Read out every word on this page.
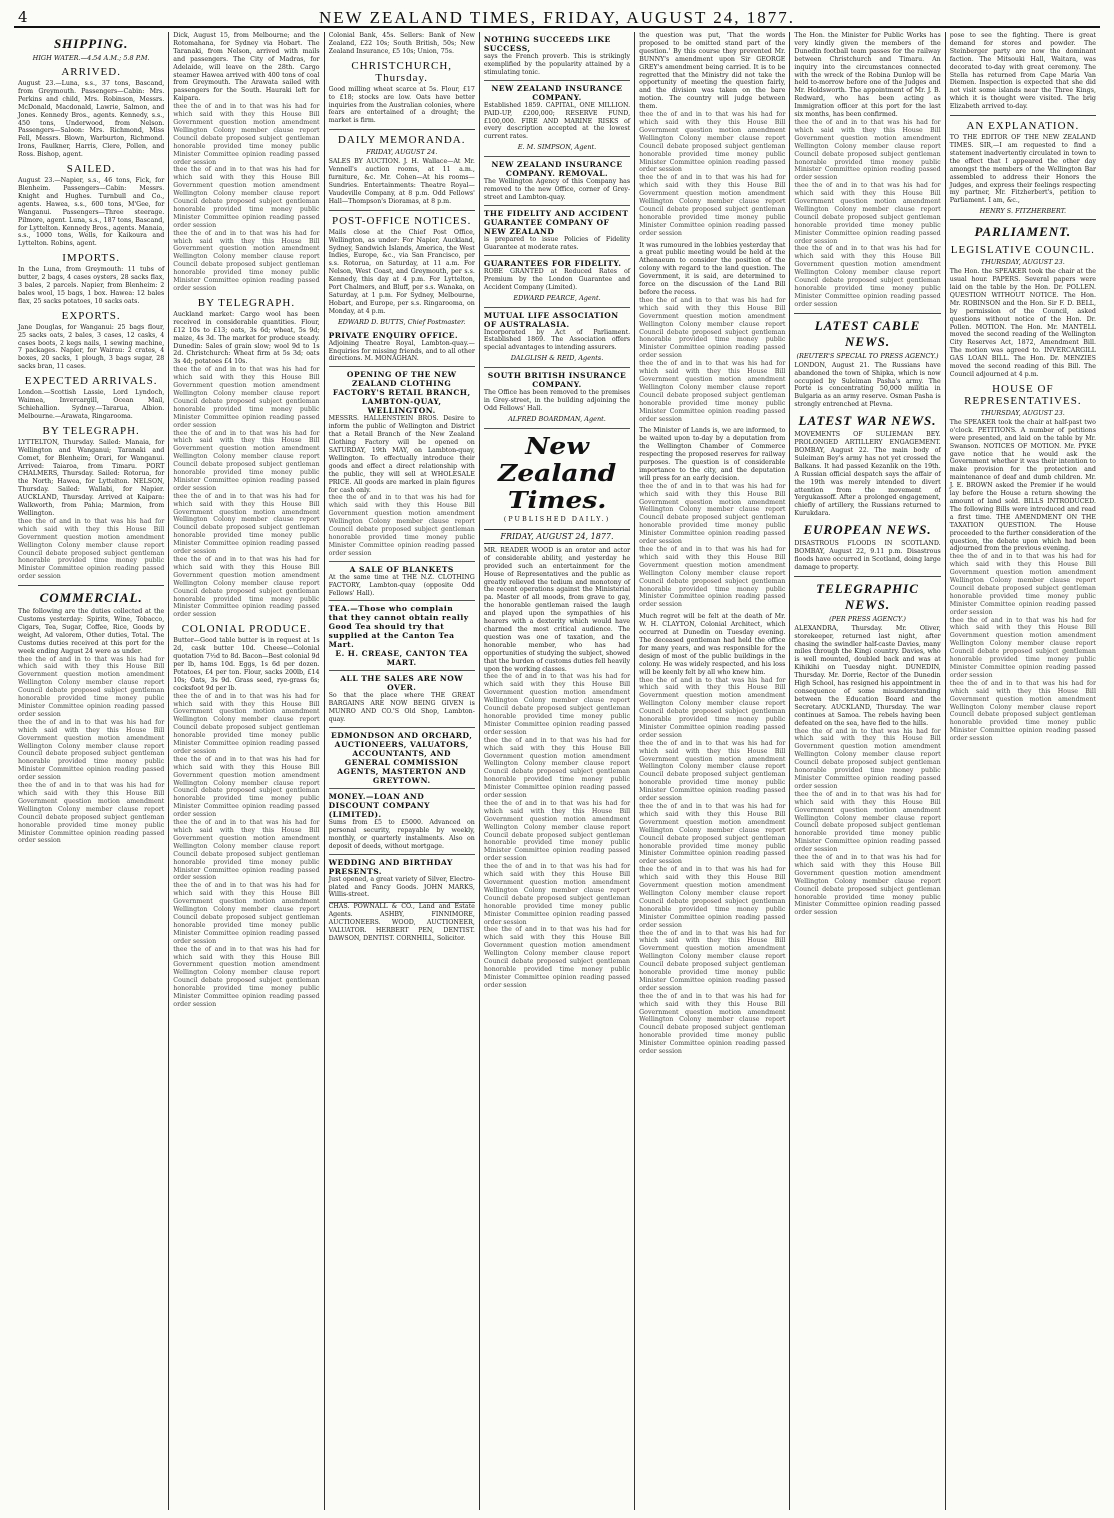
4	NEW ZEALAND TIMES, FRIDAY, AUGUST 24, 1877.
SHIPPING.
HIGH WATER.—4.54 A.M.; 5.8 P.M.
ARRIVED.
August 23.—Luna, s.s., 37 tons, Bascand, from Greymouth. Passengers—Cabin: Mrs. Perkins and child, Mrs. Robinson, Messrs. McDonald, Macdonald, Lawrie, Salmon, and Jones. Kennedy Bros., agents. Kennedy, s.s., 450 tons, Underwood, from Nelson. Passengers—Saloon: Mrs. Richmond, Miss Fell, Messrs. Blown, Warburton, Richmond. Irons, Faulkner, Harris, Clere, Pollen, and Ross. Bishop, agent.
SAILED.
August 23.—Napier, s.s., 46 tons, Fick, for Blenheim. Passengers—Cabin: Messrs. Knight and Hughes. Turnbull and Co., agents. Hawea, s.s., 600 tons, M'Gee, for Wanganui. Passengers—Three steerage. Pilmore, agent. Luna, s.s., 187 tons, Bascand, for Lyttelton. Kennedy Bros., agents. Manaia, s.s., 1000 tons, Wells, for Kaikoura and Lyttelton. Robins, agent.
IMPORTS.
In the Luna, from Greymouth: 11 tubs of butter, 2 bags, 4 cases oysters, 28 sacks flax, 3 bales, 2 parcels. Napier, from Blenheim: 2 bales wool, 15 bags, 1 box. Hawea: 12 bales flax, 25 sacks potatoes, 10 sacks oats.
EXPORTS.
Jane Douglas, for Wanganui: 25 bags flour, 25 sacks oats, 2 bales, 3 cases, 12 casks, 4 cases boots, 2 kegs nails, 1 sewing machine, 7 packages. Napier, for Wairau: 2 crates, 4 boxes, 20 sacks, 1 plough, 3 bags sugar, 28 sacks bran, 11 cases.
EXPECTED ARRIVALS.
London.—Scottish Lassie, Lord Lyndoch, Waimea, Invercargill, Ocean Mail, Schiehallion. Sydney.—Tararua, Albion. Melbourne.—Arawata, Ringarooma.
BY TELEGRAPH.
LYTTELTON, Thursday. Sailed: Manaia, for Wellington and Wanganui; Taranaki and Comet, for Blenheim; Orari, for Wanganui. Arrived: Taiaroa, from Timaru. PORT CHALMERS, Thursday. Sailed: Rotorua, for the North; Hawea, for Lyttelton. NELSON, Thursday. Sailed: Wallabi, for Napier. AUCKLAND, Thursday. Arrived at Kaipara: Walkworth, from Pahia; Marmion, from Wellington.
thee the of and in to that was his had for which said with they this House Bill Government question motion amendment Wellington Colony member clause report Council debate proposed subject gentleman honorable provided time money public Minister Committee opinion reading passed order session
COMMERCIAL.
The following are the duties collected at the Customs yesterday: Spirits, Wine, Tobacco, Cigars, Tea, Sugar, Coffee, Rice, Goods by weight, Ad valorem, Other duties, Total. The Customs duties received at this port for the week ending August 24 were as under.
thee the of and in to that was his had for which said with they this House Bill Government question motion amendment Wellington Colony member clause report Council debate proposed subject gentleman honorable provided time money public Minister Committee opinion reading passed order session
thee the of and in to that was his had for which said with they this House Bill Government question motion amendment Wellington Colony member clause report Council debate proposed subject gentleman honorable provided time money public Minister Committee opinion reading passed order session
thee the of and in to that was his had for which said with they this House Bill Government question motion amendment Wellington Colony member clause report Council debate proposed subject gentleman honorable provided time money public Minister Committee opinion reading passed order session
Dick, August 15, from Melbourne; and the Rotomahana, for Sydney via Hobart. The Taranaki, from Nelson, arrived with mails and passengers. The City of Madras, for Adelaide, will leave on the 28th. Cargo steamer Hawea arrived with 400 tons of coal from Greymouth. The Arawata sailed with passengers for the South. Hauraki left for Kaipara.
thee the of and in to that was his had for which said with they this House Bill Government question motion amendment Wellington Colony member clause report Council debate proposed subject gentleman honorable provided time money public Minister Committee opinion reading passed order session
thee the of and in to that was his had for which said with they this House Bill Government question motion amendment Wellington Colony member clause report Council debate proposed subject gentleman honorable provided time money public Minister Committee opinion reading passed order session
thee the of and in to that was his had for which said with they this House Bill Government question motion amendment Wellington Colony member clause report Council debate proposed subject gentleman honorable provided time money public Minister Committee opinion reading passed order session
BY TELEGRAPH.
Auckland market: Cargo wool has been received in considerable quantities. Flour, £12 10s to £13; oats, 3s 6d; wheat, 5s 9d; maize, 4s 3d. The market for produce steady. Dunedin: Sales of grain slow; wool 9d to 1s 2d. Christchurch: Wheat firm at 5s 3d; oats 3s 4d; potatoes £4 10s.
thee the of and in to that was his had for which said with they this House Bill Government question motion amendment Wellington Colony member clause report Council debate proposed subject gentleman honorable provided time money public Minister Committee opinion reading passed order session
thee the of and in to that was his had for which said with they this House Bill Government question motion amendment Wellington Colony member clause report Council debate proposed subject gentleman honorable provided time money public Minister Committee opinion reading passed order session
thee the of and in to that was his had for which said with they this House Bill Government question motion amendment Wellington Colony member clause report Council debate proposed subject gentleman honorable provided time money public Minister Committee opinion reading passed order session
thee the of and in to that was his had for which said with they this House Bill Government question motion amendment Wellington Colony member clause report Council debate proposed subject gentleman honorable provided time money public Minister Committee opinion reading passed order session
COLONIAL PRODUCE.
Butter—Good table butter is in request at 1s 2d, cask butter 10d. Cheese—Colonial quotation 7½d to 8d. Bacon—Best colonial 9d per lb, hams 10d. Eggs, 1s 6d per dozen. Potatoes, £4 per ton. Flour, sacks 200lb, £14 10s; Oats, 3s 9d. Grass seed, rye-grass 6s; cocksfoot 9d per lb.
thee the of and in to that was his had for which said with they this House Bill Government question motion amendment Wellington Colony member clause report Council debate proposed subject gentleman honorable provided time money public Minister Committee opinion reading passed order session
thee the of and in to that was his had for which said with they this House Bill Government question motion amendment Wellington Colony member clause report Council debate proposed subject gentleman honorable provided time money public Minister Committee opinion reading passed order session
thee the of and in to that was his had for which said with they this House Bill Government question motion amendment Wellington Colony member clause report Council debate proposed subject gentleman honorable provided time money public Minister Committee opinion reading passed order session
thee the of and in to that was his had for which said with they this House Bill Government question motion amendment Wellington Colony member clause report Council debate proposed subject gentleman honorable provided time money public Minister Committee opinion reading passed order session
thee the of and in to that was his had for which said with they this House Bill Government question motion amendment Wellington Colony member clause report Council debate proposed subject gentleman honorable provided time money public Minister Committee opinion reading passed order session
Colonial Bank, 45s. Sellers: Bank of New Zealand, £22 10s; South British, 50s; New Zealand Insurance, £5 10s; Union, 75s.
CHRISTCHURCH, Thursday.
Good milling wheat scarce at 5s. Flour, £17 to £18; stocks are low. Oats have better inquiries from the Australian colonies, where fears are entertained of a drought; the market is firm.
DAILY MEMORANDA.
FRIDAY, AUGUST 24.
SALES BY AUCTION. J. H. Wallace—At Mr. Vennell's auction rooms, at 11 a.m., furniture, &c. Mr. Cohen—At his rooms—Sundries. Entertainments: Theatre Royal—Vaudeville Company, at 8 p.m. Odd Fellows' Hall—Thompson's Dioramas, at 8 p.m.
POST-OFFICE NOTICES.
Mails close at the Chief Post Office, Wellington, as under: For Napier, Auckland, Sydney, Sandwich Islands, America, the West Indies, Europe, &c., via San Francisco, per s.s. Rotorua, on Saturday, at 11 a.m. For Nelson, West Coast, and Greymouth, per s.s. Kennedy, this day at 4 p.m. For Lyttelton, Port Chalmers, and Bluff, per s.s. Wanaka, on Saturday, at 1 p.m. For Sydney, Melbourne, Hobart, and Europe, per s.s. Ringarooma, on Monday, at 4 p.m.
EDWARD D. BUTTS, Chief Postmaster.
PRIVATE ENQUIRY OFFICE.
Adjoining Theatre Royal, Lambton-quay.—Enquiries for missing friends, and to all other directions. M. MONAGHAN.
OPENING OF THE NEW ZEALAND CLOTHING FACTORY'S RETAIL BRANCH, LAMBTON-QUAY, WELLINGTON.
MESSRS. HALLENSTEIN BROS. Desire to inform the public of Wellington and District that a Retail Branch of the New Zealand Clothing Factory will be opened on SATURDAY, 19th MAY, on Lambton-quay, Wellington. To effectually introduce their goods and effect a direct relationship with the public, they will sell at WHOLESALE PRICE. All goods are marked in plain figures for cash only.
thee the of and in to that was his had for which said with they this House Bill Government question motion amendment Wellington Colony member clause report Council debate proposed subject gentleman honorable provided time money public Minister Committee opinion reading passed order session
A SALE OF BLANKETS
At the same time at THE N.Z. CLOTHING FACTORY, Lambton-quay (opposite Odd Fellows' Hall).
TEA.—Those who complain that they cannot obtain really Good Tea should try that supplied at the Canton Tea Mart.
E. H. CREASE, CANTON TEA MART.
ALL THE SALES ARE NOW OVER.
So that the place where THE GREAT BARGAINS ARE NOW BEING GIVEN is MUNRO AND CO.'S Old Shop, Lambton-quay.
EDMONDSON AND ORCHARD, AUCTIONEERS, VALUATORS, ACCOUNTANTS, AND GENERAL COMMISSION AGENTS, MASTERTON AND GREYTOWN.
MONEY.—LOAN AND DISCOUNT COMPANY (LIMITED).
Sums from £5 to £5000. Advanced on personal security, repayable by weekly, monthly, or quarterly instalments. Also on deposit of deeds, without mortgage.
WEDDING AND BIRTHDAY PRESENTS.
Just opened, a great variety of Silver, Electro-plated and Fancy Goods. JOHN MARKS, Willis-street.
CHAS. POWNALL & CO., Land and Estate Agents. ASHBY, FINNIMORE, AUCTIONEERS. WOOD, AUCTIONEER, VALUATOR. HERBERT PEN, DENTIST. DAWSON, DENTIST. CORNHILL, Solicitor.
NOTHING SUCCEEDS LIKE SUCCESS,
says the French proverb. This is strikingly exemplified by the popularity attained by a stimulating tonic.
NEW ZEALAND INSURANCE COMPANY.
Established 1859. CAPITAL, ONE MILLION. PAID-UP, £200,000; RESERVE FUND, £100,000. FIRE AND MARINE RISKS of every description accepted at the lowest current rates.
E. M. SIMPSON, Agent.
NEW ZEALAND INSURANCE COMPANY. REMOVAL.
The Wellington Agency of this Company has removed to the new Office, corner of Grey-street and Lambton-quay.
THE FIDELITY AND ACCIDENT GUARANTEE COMPANY OF NEW ZEALAND
is prepared to issue Policies of Fidelity Guarantee at moderate rates.
GUARANTEES FOR FIDELITY.
ROBE GRANTED at Reduced Rates of Premium by the London Guarantee and Accident Company (Limited).
EDWARD PEARCE, Agent.
MUTUAL LIFE ASSOCIATION OF AUSTRALASIA.
Incorporated by Act of Parliament. Established 1869. The Association offers special advantages to intending assurers.
DALGLISH & REID, Agents.
SOUTH BRITISH INSURANCE COMPANY.
The Office has been removed to the premises in Grey-street, in the building adjoining the Odd Fellows' Hall.
ALFRED BOARDMAN, Agent.
New Zealand Times.
(PUBLISHED DAILY.)
FRIDAY, AUGUST 24, 1877.
MR. READER WOOD is an orator and actor of considerable ability, and yesterday he provided such an entertainment for the House of Representatives and the public as greatly relieved the tedium and monotony of the recent operations against the Ministerial pa. Master of all moods, from grave to gay, the honorable gentleman raised the laugh and played upon the sympathies of his hearers with a dexterity which would have charmed the most critical audience. The question was one of taxation, and the honorable member, who has had opportunities of studying the subject, showed that the burden of customs duties fell heavily upon the working classes.
thee the of and in to that was his had for which said with they this House Bill Government question motion amendment Wellington Colony member clause report Council debate proposed subject gentleman honorable provided time money public Minister Committee opinion reading passed order session
thee the of and in to that was his had for which said with they this House Bill Government question motion amendment Wellington Colony member clause report Council debate proposed subject gentleman honorable provided time money public Minister Committee opinion reading passed order session
thee the of and in to that was his had for which said with they this House Bill Government question motion amendment Wellington Colony member clause report Council debate proposed subject gentleman honorable provided time money public Minister Committee opinion reading passed order session
thee the of and in to that was his had for which said with they this House Bill Government question motion amendment Wellington Colony member clause report Council debate proposed subject gentleman honorable provided time money public Minister Committee opinion reading passed order session
thee the of and in to that was his had for which said with they this House Bill Government question motion amendment Wellington Colony member clause report Council debate proposed subject gentleman honorable provided time money public Minister Committee opinion reading passed order session
the question was put, 'That the words proposed to be omitted stand part of the question.' By this course they prevented Mr. BUNNY's amendment upon Sir GEORGE GREY's amendment being carried. It is to be regretted that the Ministry did not take the opportunity of meeting the question fairly, and the division was taken on the bare motion. The country will judge between them.
thee the of and in to that was his had for which said with they this House Bill Government question motion amendment Wellington Colony member clause report Council debate proposed subject gentleman honorable provided time money public Minister Committee opinion reading passed order session
thee the of and in to that was his had for which said with they this House Bill Government question motion amendment Wellington Colony member clause report Council debate proposed subject gentleman honorable provided time money public Minister Committee opinion reading passed order session
It was rumoured in the lobbies yesterday that a great public meeting would be held at the Athenaeum to consider the position of the colony with regard to the land question. The Government, it is said, are determined to force on the discussion of the Land Bill before the recess.
thee the of and in to that was his had for which said with they this House Bill Government question motion amendment Wellington Colony member clause report Council debate proposed subject gentleman honorable provided time money public Minister Committee opinion reading passed order session
thee the of and in to that was his had for which said with they this House Bill Government question motion amendment Wellington Colony member clause report Council debate proposed subject gentleman honorable provided time money public Minister Committee opinion reading passed order session
The Minister of Lands is, we are informed, to be waited upon to-day by a deputation from the Wellington Chamber of Commerce respecting the proposed reserves for railway purposes. The question is of considerable importance to the city, and the deputation will press for an early decision.
thee the of and in to that was his had for which said with they this House Bill Government question motion amendment Wellington Colony member clause report Council debate proposed subject gentleman honorable provided time money public Minister Committee opinion reading passed order session
thee the of and in to that was his had for which said with they this House Bill Government question motion amendment Wellington Colony member clause report Council debate proposed subject gentleman honorable provided time money public Minister Committee opinion reading passed order session
Much regret will be felt at the death of Mr. W. H. CLAYTON, Colonial Architect, which occurred at Dunedin on Tuesday evening. The deceased gentleman had held the office for many years, and was responsible for the design of most of the public buildings in the colony. He was widely respected, and his loss will be keenly felt by all who knew him.
thee the of and in to that was his had for which said with they this House Bill Government question motion amendment Wellington Colony member clause report Council debate proposed subject gentleman honorable provided time money public Minister Committee opinion reading passed order session
thee the of and in to that was his had for which said with they this House Bill Government question motion amendment Wellington Colony member clause report Council debate proposed subject gentleman honorable provided time money public Minister Committee opinion reading passed order session
thee the of and in to that was his had for which said with they this House Bill Government question motion amendment Wellington Colony member clause report Council debate proposed subject gentleman honorable provided time money public Minister Committee opinion reading passed order session
thee the of and in to that was his had for which said with they this House Bill Government question motion amendment Wellington Colony member clause report Council debate proposed subject gentleman honorable provided time money public Minister Committee opinion reading passed order session
thee the of and in to that was his had for which said with they this House Bill Government question motion amendment Wellington Colony member clause report Council debate proposed subject gentleman honorable provided time money public Minister Committee opinion reading passed order session
thee the of and in to that was his had for which said with they this House Bill Government question motion amendment Wellington Colony member clause report Council debate proposed subject gentleman honorable provided time money public Minister Committee opinion reading passed order session
The Hon. the Minister for Public Works has very kindly given the members of the Dunedin football team passes for the railway between Christchurch and Timaru. An inquiry into the circumstances connected with the wreck of the Robina Dunlop will be held to-morrow before one of the Judges and Mr. Holdsworth. The appointment of Mr. J. B. Redward, who has been acting as Immigration officer at this port for the last six months, has been confirmed.
thee the of and in to that was his had for which said with they this House Bill Government question motion amendment Wellington Colony member clause report Council debate proposed subject gentleman honorable provided time money public Minister Committee opinion reading passed order session
thee the of and in to that was his had for which said with they this House Bill Government question motion amendment Wellington Colony member clause report Council debate proposed subject gentleman honorable provided time money public Minister Committee opinion reading passed order session
thee the of and in to that was his had for which said with they this House Bill Government question motion amendment Wellington Colony member clause report Council debate proposed subject gentleman honorable provided time money public Minister Committee opinion reading passed order session
LATEST CABLE NEWS.
(REUTER'S SPECIAL TO PRESS AGENCY.)
LONDON, August 21. The Russians have abandoned the town of Shipka, which is now occupied by Suleiman Pasha's army. The Porte is concentrating 50,000 militia in Bulgaria as an army reserve. Osman Pasha is strongly entrenched at Plevna.
LATEST WAR NEWS.
MOVEMENTS OF SULIEMAN BEY. PROLONGED ARTILLERY ENGAGEMENT. BOMBAY, August 22. The main body of Suleiman Bey's army has not yet crossed the Balkans. It had passed Kezanlik on the 19th. A Russian official despatch says the affair of the 19th was merely intended to divert attention from the movement of Yergukassoff. After a prolonged engagement, chiefly of artillery, the Russians returned to Kurukdara.
EUROPEAN NEWS.
DISASTROUS FLOODS IN SCOTLAND. BOMBAY, August 22, 9.11 p.m. Disastrous floods have occurred in Scotland, doing large damage to property.
TELEGRAPHIC NEWS.
(PER PRESS AGENCY.)
ALEXANDRA, Thursday. Mr. Oliver, storekeeper, returned last night, after chasing the swindler half-caste Davies, many miles through the Kingi country. Davies, who is well mounted, doubled back and was at Kihikihi on Tuesday night. DUNEDIN, Thursday. Mr. Dorrie, Rector of the Dunedin High School, has resigned his appointment in consequence of some misunderstanding between the Education Board and the Secretary. AUCKLAND, Thursday. The war continues at Samoa. The rebels having been defeated on the sea, have fled to the hills.
thee the of and in to that was his had for which said with they this House Bill Government question motion amendment Wellington Colony member clause report Council debate proposed subject gentleman honorable provided time money public Minister Committee opinion reading passed order session
thee the of and in to that was his had for which said with they this House Bill Government question motion amendment Wellington Colony member clause report Council debate proposed subject gentleman honorable provided time money public Minister Committee opinion reading passed order session
thee the of and in to that was his had for which said with they this House Bill Government question motion amendment Wellington Colony member clause report Council debate proposed subject gentleman honorable provided time money public Minister Committee opinion reading passed order session
pose to see the fighting. There is great demand for stores and powder. The Steinberger party are now the dominant faction. The Mitsouki Hall, Waitara, was decorated to-day with great ceremony. The Stella has returned from Cape Maria Van Diemen. Inspection is expected that she did not visit some islands near the Three Kings, which it is thought were visited. The brig Elizabeth arrived to-day.
AN EXPLANATION.
TO THE EDITOR OF THE NEW ZEALAND TIMES. SIR,—I am requested to find a statement inadvertently circulated in town to the effect that I appeared the other day amongst the members of the Wellington Bar assembled to address their Honors the Judges, and express their feelings respecting my partner, Mr. Fitzherbert's, petition to Parliament. I am, &c.,
HENRY S. FITZHERBERT.
PARLIAMENT.
LEGISLATIVE COUNCIL.
THURSDAY, AUGUST 23.
The Hon. the SPEAKER took the chair at the usual hour. PAPERS. Several papers were laid on the table by the Hon. Dr. POLLEN. QUESTION WITHOUT NOTICE. The Hon. Mr. ROBINSON and the Hon. Sir F. D. BELL, by permission of the Council, asked questions without notice of the Hon. Dr. Pollen. MOTION. The Hon. Mr. MANTELL moved the second reading of the Wellington City Reserves Act, 1872, Amendment Bill. The motion was agreed to. INVERCARGILL GAS LOAN BILL. The Hon. Dr. MENZIES moved the second reading of this Bill. The Council adjourned at 4 p.m.
HOUSE OF REPRESENTATIVES.
THURSDAY, AUGUST 23.
The SPEAKER took the chair at half-past two o'clock. PETITIONS. A number of petitions were presented, and laid on the table by Mr. Swanson. NOTICES OF MOTION. Mr. PYKE gave notice that he would ask the Government whether it was their intention to make provision for the protection and maintenance of deaf and dumb children. Mr. J. E. BROWN asked the Premier if he would lay before the House a return showing the amount of land sold. BILLS INTRODUCED. The following Bills were introduced and read a first time. THE AMENDMENT ON THE TAXATION QUESTION. The House proceeded to the further consideration of the question, the debate upon which had been adjourned from the previous evening.
thee the of and in to that was his had for which said with they this House Bill Government question motion amendment Wellington Colony member clause report Council debate proposed subject gentleman honorable provided time money public Minister Committee opinion reading passed order session
thee the of and in to that was his had for which said with they this House Bill Government question motion amendment Wellington Colony member clause report Council debate proposed subject gentleman honorable provided time money public Minister Committee opinion reading passed order session
thee the of and in to that was his had for which said with they this House Bill Government question motion amendment Wellington Colony member clause report Council debate proposed subject gentleman honorable provided time money public Minister Committee opinion reading passed order session
